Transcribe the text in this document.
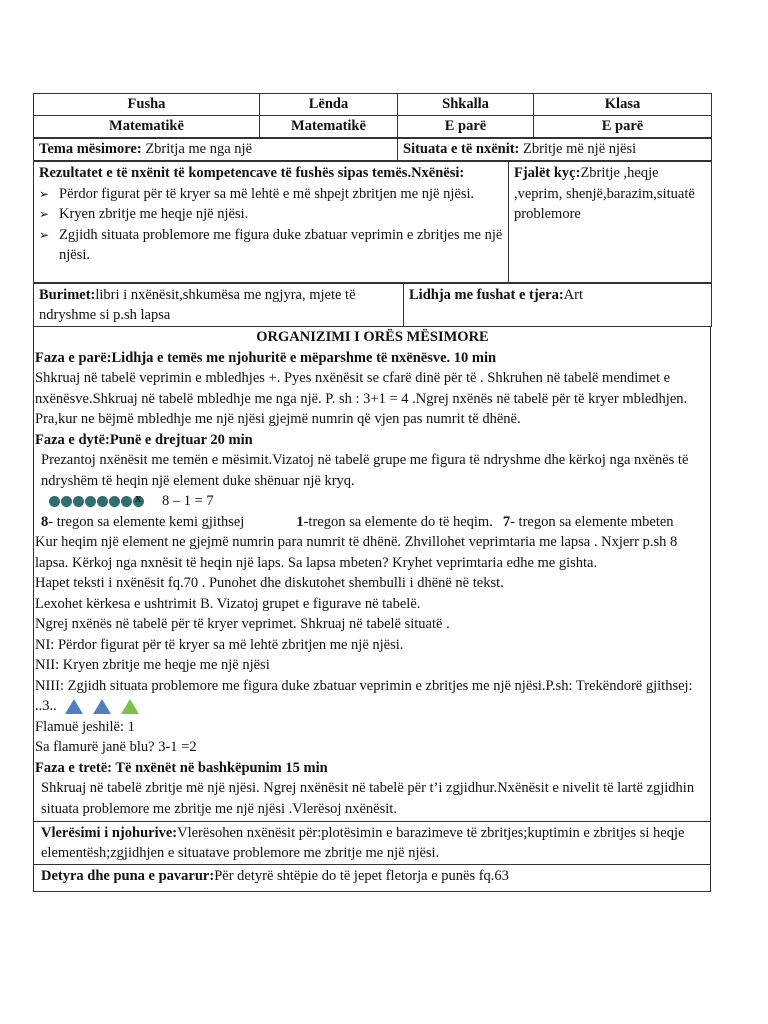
Fusha	Lënda	Shkalla	Klasa
Matematikë	Matematikë	E parë	E parë
Tema mësimore: Zbritja me nga një	Situata e të nxënit: Zbritje më një njësi
Rezultatet e të nxënit të kompetencave të fushës sipas temës.Nxënësi:
➢ Përdor figurat për të kryer sa më lehtë e më shpejt zbritjen me një njësi.
➢ Kryen zbritje me heqje një njësi.
➢ Zgjidh situata problemore me figura duke zbatuar veprimin e zbritjes me një njësi.
	Fjalët kyç:Zbritje ,heqje ,veprim, shenjë,barazim,situatë problemore
Burimet:libri i nxënësit,shkumësa me ngjyra, mjete të ndryshme si p.sh lapsa	Lidhja me fushat e tjera:Art

ORGANIZIMI I ORËS MËSIMORE

Faza e parë:Lidhja e temës me njohuritë e mëparshme të nxënësve. 10 min

Shkruaj në tabelë veprimin e mbledhjes +. Pyes nxënësit se cfarë dinë për të . Shkruhen në tabelë mendimet e nxënësve.Shkruaj në tabelë mbledhje me nga një. P. sh : 3+1 = 4 .Ngrej nxënës në tabelë për të kryer mbledhjen. Pra,kur ne bëjmë mbledhje me një njësi gjejmë numrin që vjen pas numrit të dhënë.

Faza e dytë:Punë e drejtuar 20 min

Prezantoj nxënësit me temën e mësimit.Vizatoj në tabelë grupe me figura të ndryshme dhe kërkoj nga nxënës të ndryshëm të heqin një element duke shënuar një kryq.

x
8 – 1 = 7

8- tregon sa elemente kemi gjithsej	1-tregon sa elemente do të heqim. 7- tregon sa elemente mbeten

Kur heqim një element ne gjejmë numrin para numrit të dhënë. Zhvillohet veprimtaria me lapsa . Nxjerr p.sh 8 lapsa. Kërkoj nga nxnësit të heqin një laps. Sa lapsa mbeten? Kryhet veprimtaria edhe me gishta.

Hapet teksti i nxënësit fq.70 . Punohet dhe diskutohet shembulli i dhënë në tekst.

Lexohet kërkesa e ushtrimit B. Vizatoj grupet e figurave në tabelë.

Ngrej nxënës në tabelë për të kryer veprimet. Shkruaj në tabelë situatë .

NI: Përdor figurat për të kryer sa më lehtë zbritjen me një njësi.

NII: Kryen zbritje me heqje me një njësi

NIII: Zgjidh situata problemore me figura duke zbatuar veprimin e zbritjes me një njësi.P.sh: Trekëndorë gjithsej: ..3..

Flamuë jeshilë: 1

Sa flamurë janë blu? 3-1 =2

Faza e tretë: Të nxënët në bashkëpunim 15 min

Shkruaj në tabelë zbritje më një njësi. Ngrej nxënësit në tabelë për t’i zgjidhur.Nxënësit e nivelit të lartë zgjidhin situata problemore me zbritje me një njësi .Vlerësoj nxënësit.

Vlerësimi i njohurive:Vlerësohen nxënësit për:plotësimin e barazimeve të zbritjes;kuptimin e zbritjes si heqje elementësh;zgjidhjen e situatave problemore me zbritje me një njësi.
Detyra dhe puna e pavarur:Për detyrë shtëpie do të jepet fletorja e punës fq.63
